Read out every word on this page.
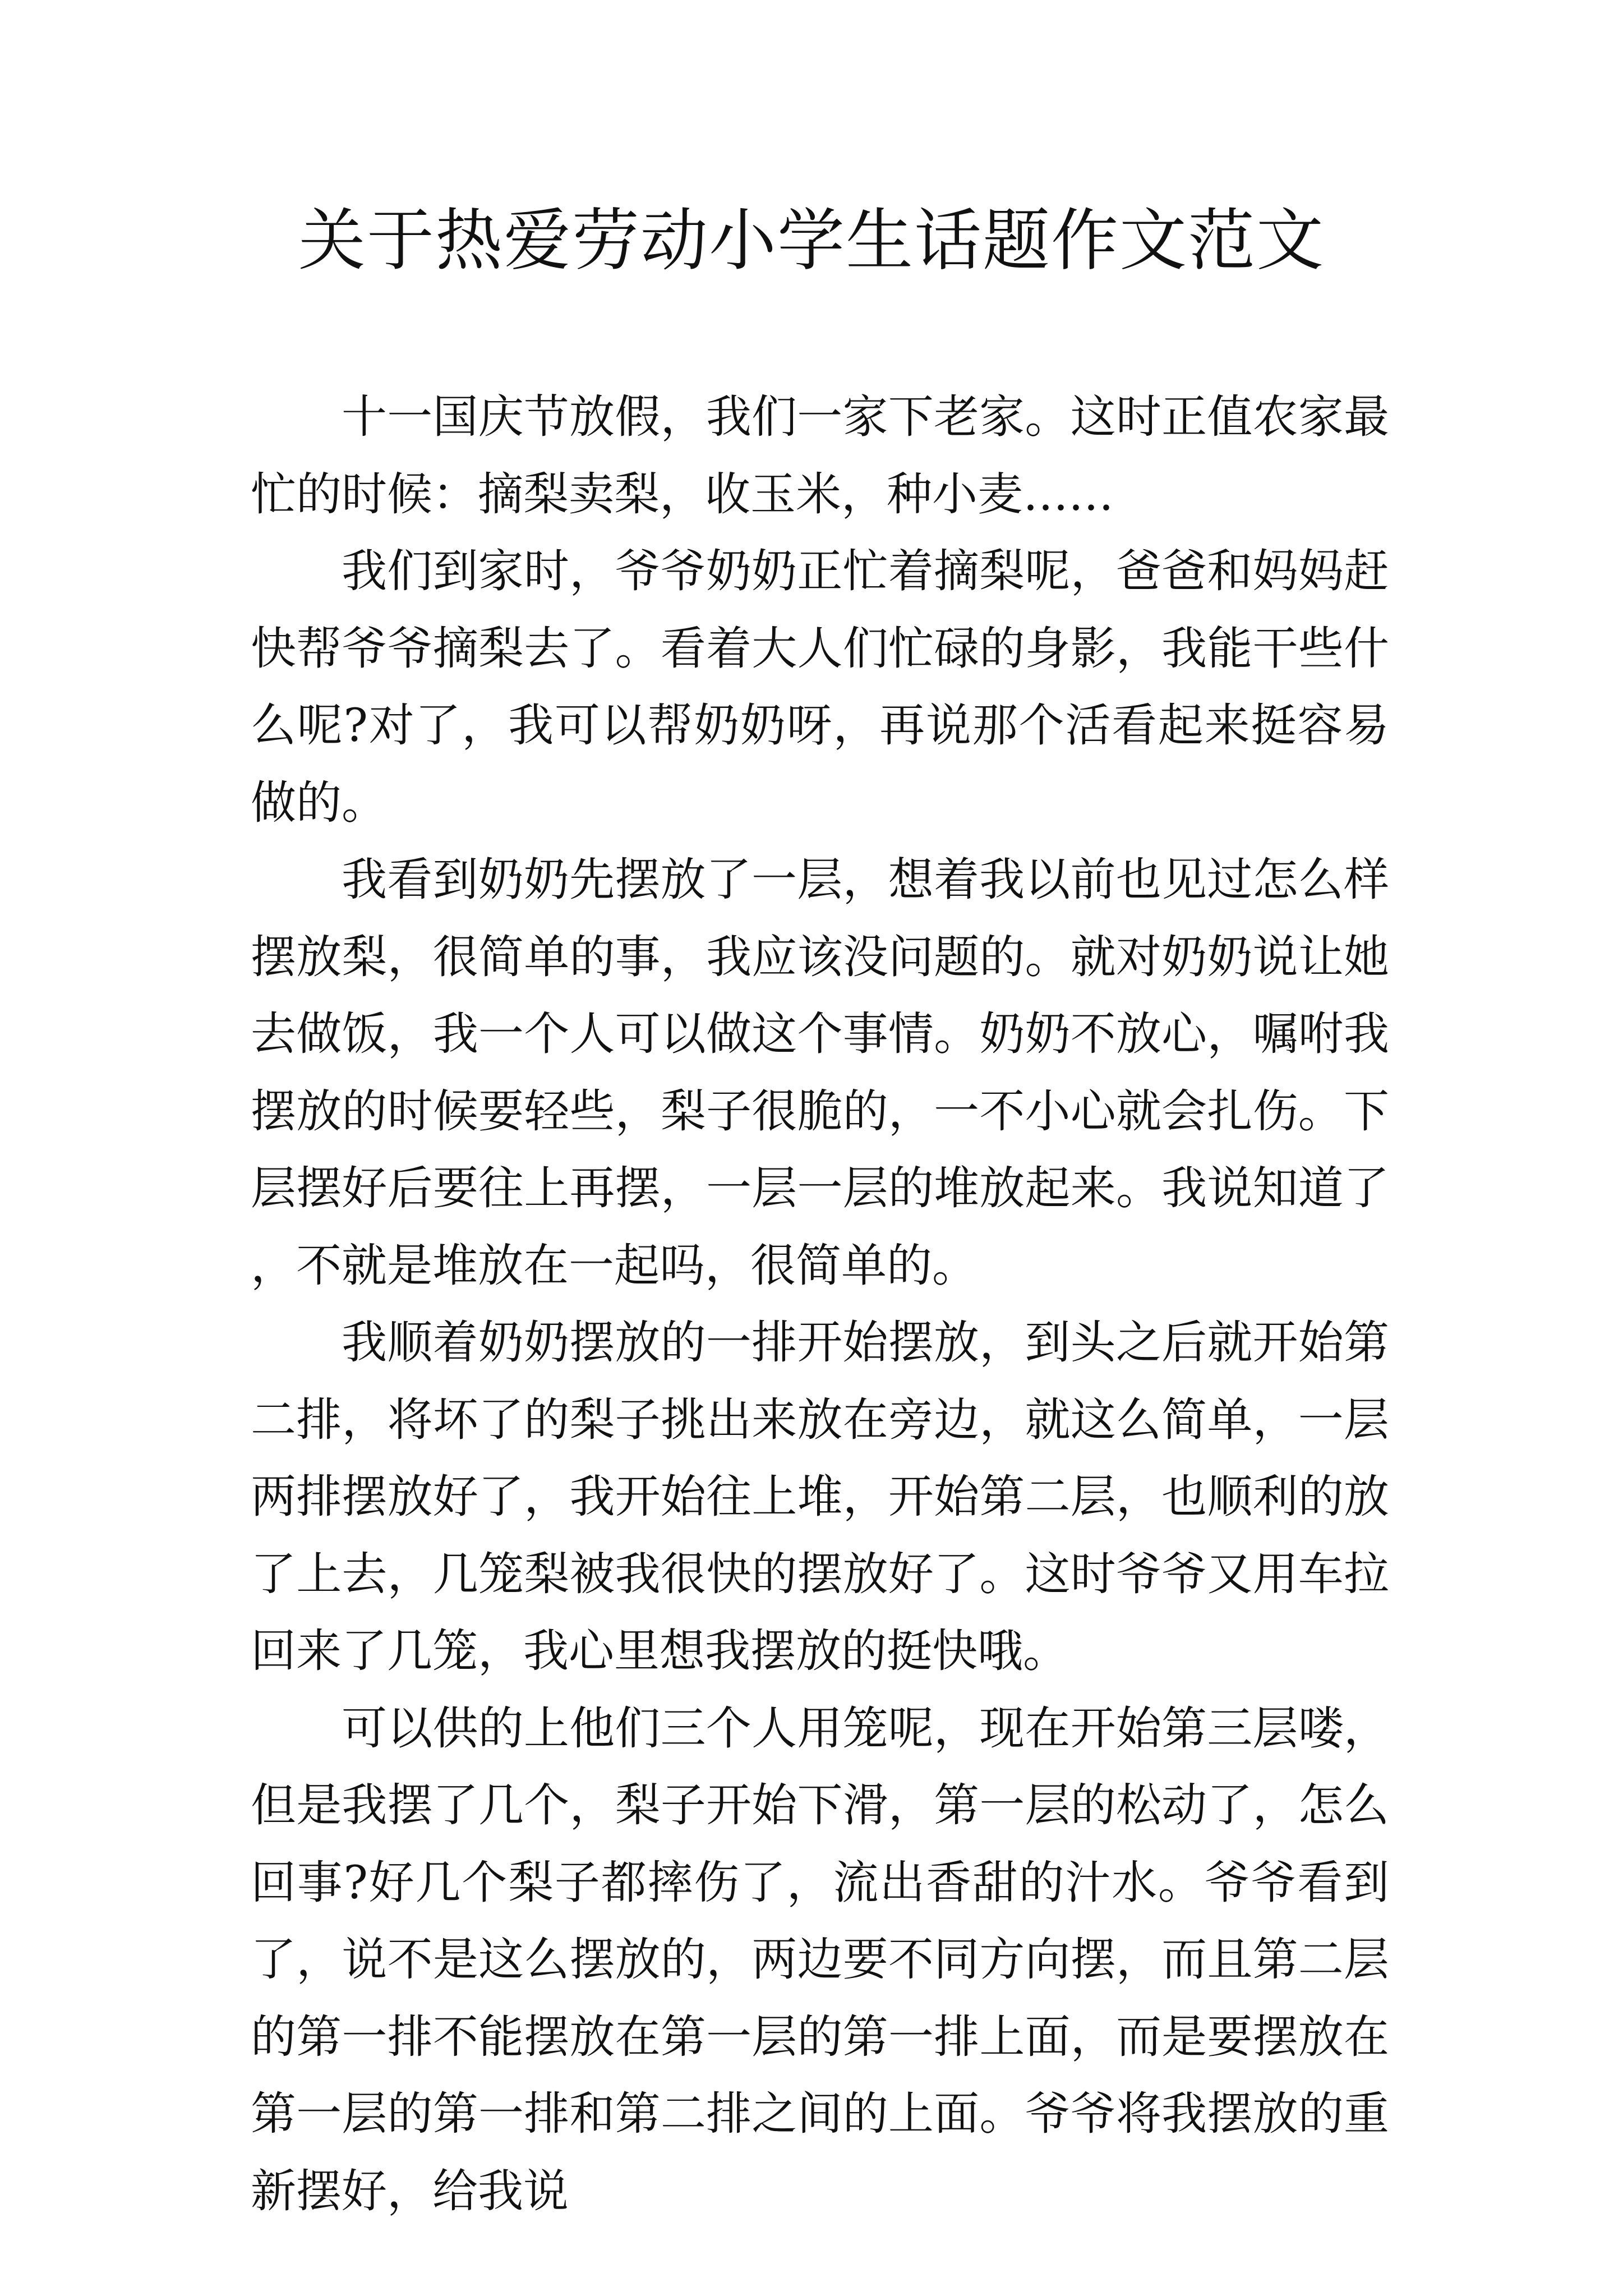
关于热爱劳动小学生话题作文范文

十一国庆节放假，我们一家下老家。这时正值农家最忙的时候：摘梨卖梨，收玉米，种小麦……

我们到家时，爷爷奶奶正忙着摘梨呢，爸爸和妈妈赶快帮爷爷摘梨去了。看着大人们忙碌的身影，我能干些什么呢?对了，我可以帮奶奶呀，再说那个活看起来挺容易做的。

我看到奶奶先摆放了一层，想着我以前也见过怎么样摆放梨，很简单的事，我应该没问题的。就对奶奶说让她去做饭，我一个人可以做这个事情。奶奶不放心，嘱咐我摆放的时候要轻些，梨子很脆的，一不小心就会扎伤。下层摆好后要往上再摆，一层一层的堆放起来。我说知道了，不就是堆放在一起吗，很简单的。

我顺着奶奶摆放的一排开始摆放，到头之后就开始第二排，将坏了的梨子挑出来放在旁边，就这么简单，一层两排摆放好了，我开始往上堆，开始第二层，也顺利的放了上去，几笼梨被我很快的摆放好了。这时爷爷又用车拉回来了几笼，我心里想我摆放的挺快哦。

可以供的上他们三个人用笼呢，现在开始第三层喽，但是我摆了几个，梨子开始下滑，第一层的松动了，怎么回事?好几个梨子都摔伤了，流出香甜的汁水。爷爷看到了，说不是这么摆放的，两边要不同方向摆，而且第二层的第一排不能摆放在第一层的第一排上面，而是要摆放在第一层的第一排和第二排之间的上面。爷爷将我摆放的重新摆好，给我说
